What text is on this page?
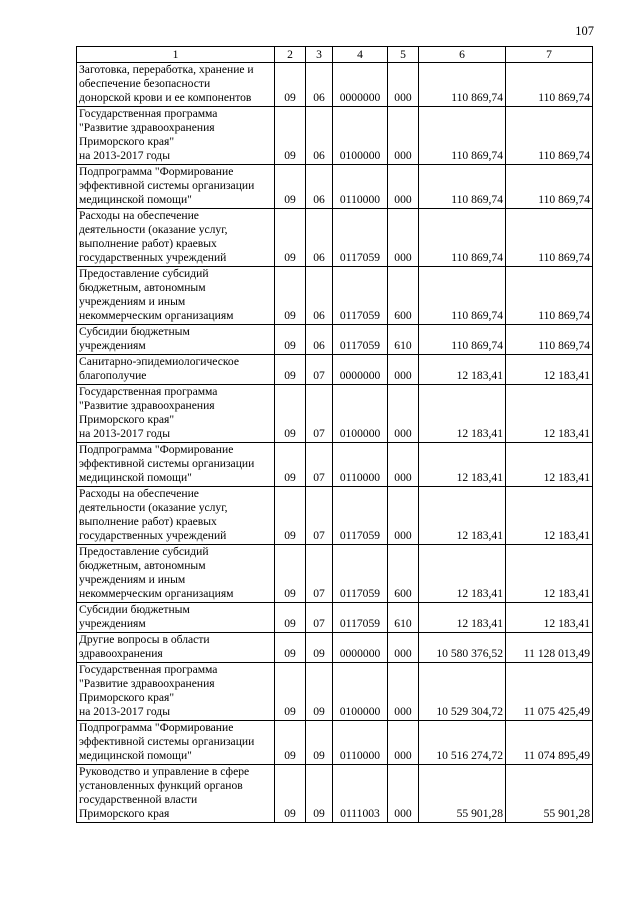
107
1	2	3	4	5	6	7
Заготовка, переработка, хранение и
обеспечение безопасности
донорской крови и ее компонентов	09	06	0000000	000	110 869,74	110 869,74
Государственная программа
"Развитие здравоохранения
Приморского края"
на 2013-2017 годы	09	06	0100000	000	110 869,74	110 869,74
Подпрограмма "Формирование
эффективной системы организации
медицинской помощи"	09	06	0110000	000	110 869,74	110 869,74
Расходы на обеспечение
деятельности (оказание услуг,
выполнение работ) краевых
государственных учреждений	09	06	0117059	000	110 869,74	110 869,74
Предоставление субсидий
бюджетным, автономным
учреждениям и иным
некоммерческим организациям	09	06	0117059	600	110 869,74	110 869,74
Субсидии бюджетным
учреждениям	09	06	0117059	610	110 869,74	110 869,74
Санитарно-эпидемиологическое
благополучие	09	07	0000000	000	12 183,41	12 183,41
Государственная программа
"Развитие здравоохранения
Приморского края"
на 2013-2017 годы	09	07	0100000	000	12 183,41	12 183,41
Подпрограмма "Формирование
эффективной системы организации
медицинской помощи"	09	07	0110000	000	12 183,41	12 183,41
Расходы на обеспечение
деятельности (оказание услуг,
выполнение работ) краевых
государственных учреждений	09	07	0117059	000	12 183,41	12 183,41
Предоставление субсидий
бюджетным, автономным
учреждениям и иным
некоммерческим организациям	09	07	0117059	600	12 183,41	12 183,41
Субсидии бюджетным
учреждениям	09	07	0117059	610	12 183,41	12 183,41
Другие вопросы в области
здравоохранения	09	09	0000000	000	10 580 376,52	11 128 013,49
Государственная программа
"Развитие здравоохранения
Приморского края"
на 2013-2017 годы	09	09	0100000	000	10 529 304,72	11 075 425,49
Подпрограмма "Формирование
эффективной системы организации
медицинской помощи"	09	09	0110000	000	10 516 274,72	11 074 895,49
Руководство и управление в сфере
установленных функций органов
государственной власти
Приморского края	09	09	0111003	000	55 901,28	55 901,28
